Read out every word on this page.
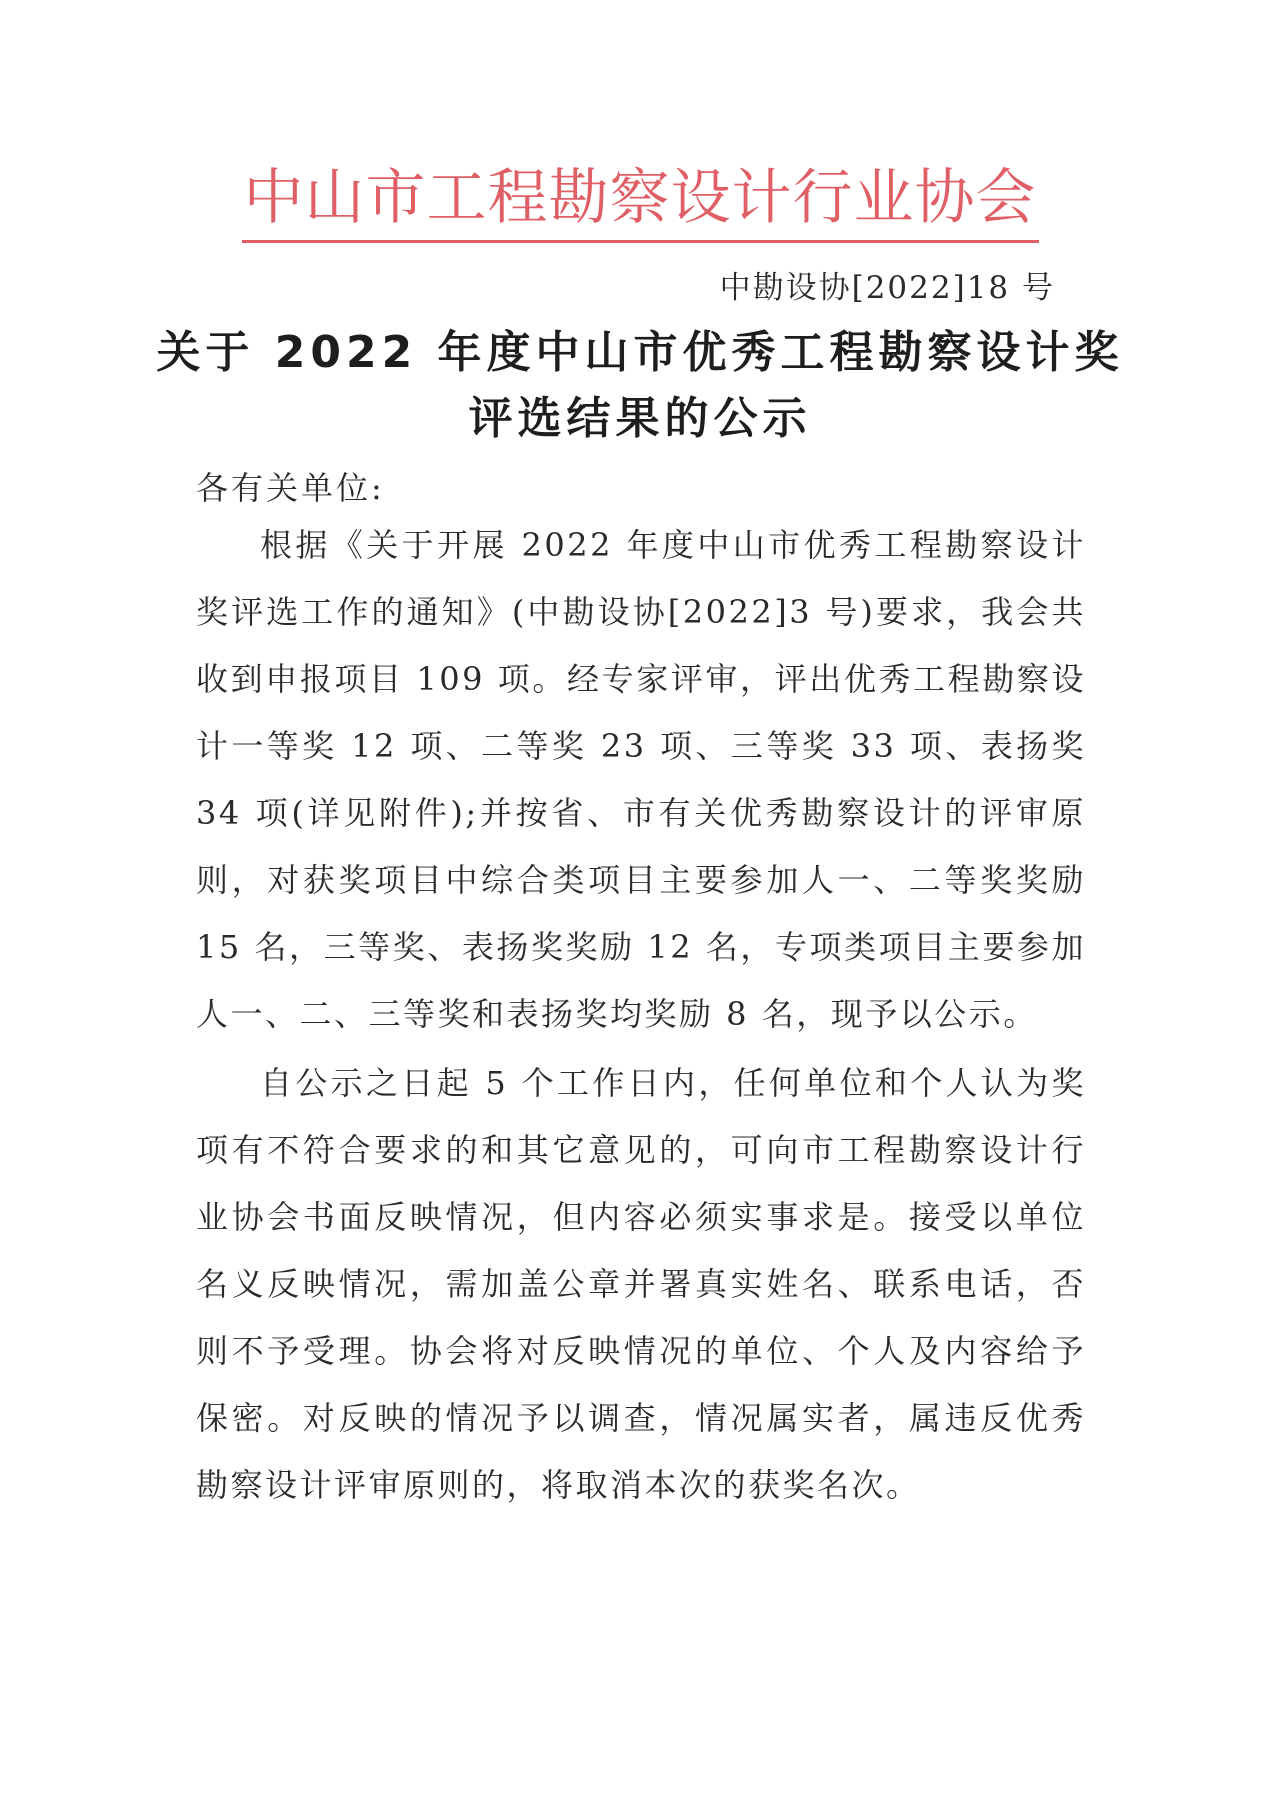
中山市工程勘察设计行业协会
中勘设协[2022]18 号
关于 2022 年度中山市优秀工程勘察设计奖
评选结果的公示
各有关单位:

根据《关于开展 2022 年度中山市优秀工程勘察设计奖评选工作的通知》(中勘设协[2022]3 号)要求，我会共收到申报项目 109 项。经专家评审，评出优秀工程勘察设计一等奖 12 项、二等奖 23 项、三等奖 33 项、表扬奖 34 项(详见附件);并按省、市有关优秀勘察设计的评审原则，对获奖项目中综合类项目主要参加人一、二等奖奖励 15 名，三等奖、表扬奖奖励 12 名，专项类项目主要参加人一、二、三等奖和表扬奖均奖励 8 名，现予以公示。

自公示之日起 5 个工作日内，任何单位和个人认为奖项有不符合要求的和其它意见的，可向市工程勘察设计行业协会书面反映情况，但内容必须实事求是。接受以单位名义反映情况，需加盖公章并署真实姓名、联系电话，否则不予受理。协会将对反映情况的单位、个人及内容给予保密。对反映的情况予以调查，情况属实者，属违反优秀勘察设计评审原则的，将取消本次的获奖名次。
